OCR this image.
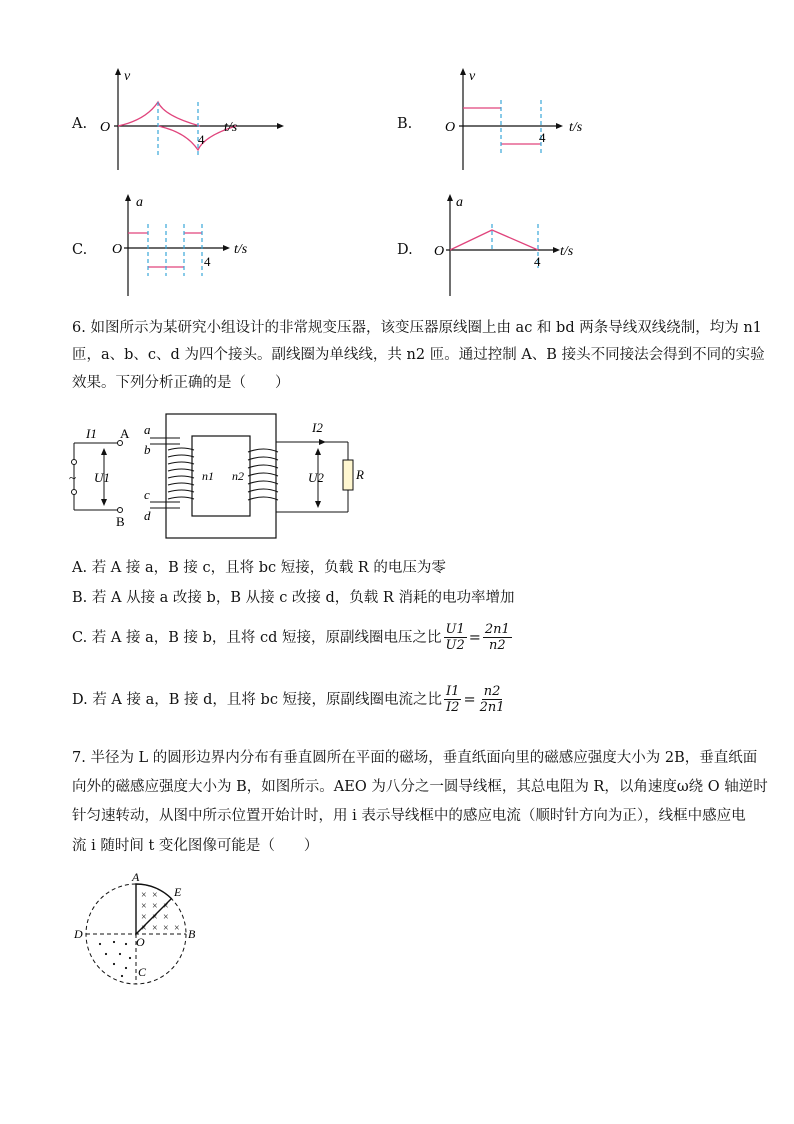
A.
v
O
4
t/s	B.
v
O
4
t/s
C.
a
O
4
t/s	D.
a
O
4
t/s
6. 如图所示为某研究小组设计的非常规变压器，该变压器原线圈上由 ac 和 bd 两条导线双线绕制，均为 n1
匝，a、b、c、d 为四个接头。副线圈为单线线，共 n2 匝。通过控制 A、B 接头不同接法会得到不同的实验
效果。下列分析正确的是（　　）
I1 A
U1
~
B
a
b
c
d
n1 n2	R
U2
I2
A. 若 A 接 a，B 接 c，且将 bc 短接，负载 R 的电压为零
B. 若 A 从接 a 改接 b，B 从接 c 改接 d，负载 R 消耗的电功率增加
C. 若 A 接 a，B 接 b，且将 cd 短接，原副线圈电压之比 $\frac{U1}{U2} = \frac{2n1}{n2}$
D. 若 A 接 a，B 接 d，且将 bc 短接，原副线圈电流之比 $\frac{I1}{I2} = \frac{n2}{2n1}$
7. 半径为 L 的圆形边界内分布有垂直圆所在平面的磁场，垂直纸面向里的磁感应强度大小为 2B，垂直纸面
向外的磁感应强度大小为 B，如图所示。AEO 为八分之一圆导线框，其总电阻为 R，以角速度ω绕 O 轴逆时
针匀速转动，从图中所示位置开始计时，用 i 表示导线框中的感应电流（顺时针方向为正），线框中感应电
流 i 随时间 t 变化图像可能是（　　）
× ×
× × ×
× × ×
× × × ×
A
E
D	B
O
C
